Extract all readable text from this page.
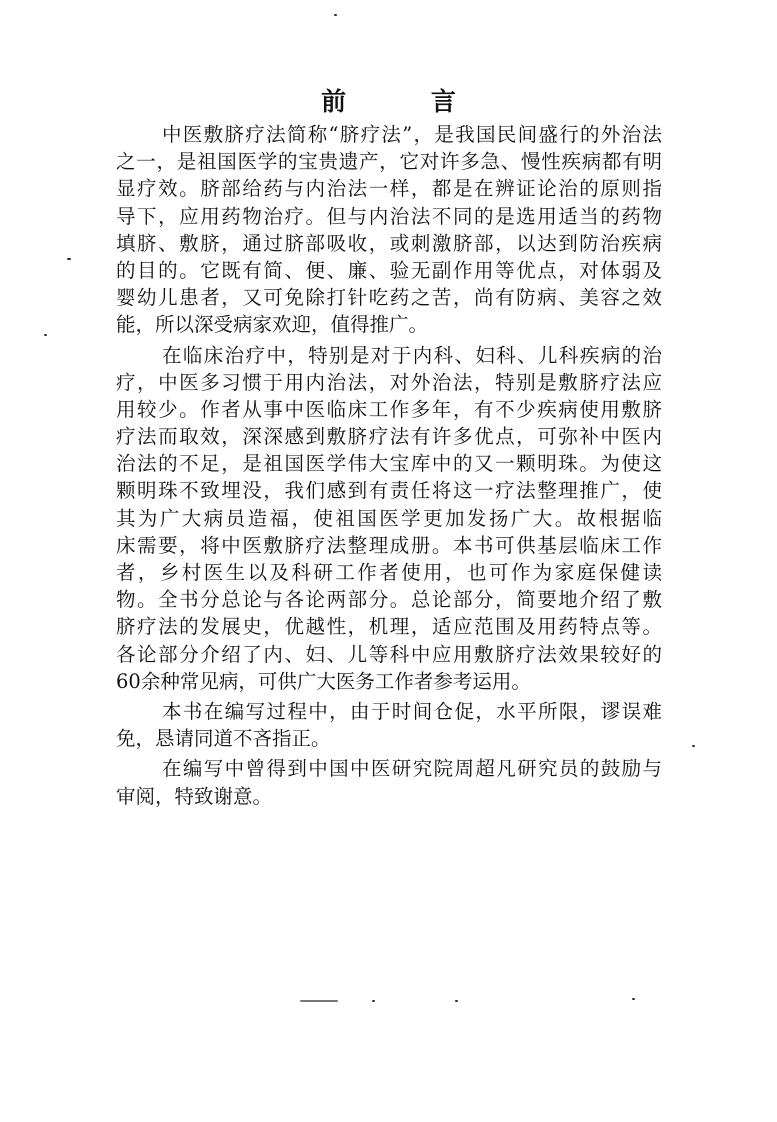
前 言
中医敷脐疗法简称“脐疗法”，是我国民间盛行的外治法
之一，是祖国医学的宝贵遗产，它对许多急、慢性疾病都有明
显疗效。脐部给药与内治法一样，都是在辨证论治的原则指
导下，应用药物治疗。但与内治法不同的是选用适当的药物
填脐、敷脐，通过脐部吸收，或刺激脐部，以达到防治疾病
的目的。它既有简、便、廉、验无副作用等优点，对体弱及
婴幼儿患者，又可免除打针吃药之苦，尚有防病、美容之效
能，所以深受病家欢迎，值得推广。
在临床治疗中，特别是对于内科、妇科、儿科疾病的治
疗，中医多习惯于用内治法，对外治法，特别是敷脐疗法应
用较少。作者从事中医临床工作多年，有不少疾病使用敷脐
疗法而取效，深深感到敷脐疗法有许多优点，可弥补中医内
治法的不足，是祖国医学伟大宝库中的又一颗明珠。为使这
颗明珠不致埋没，我们感到有责任将这一疗法整理推广，使
其为广大病员造福，使祖国医学更加发扬广大。故根据临
床需要，将中医敷脐疗法整理成册。本书可供基层临床工作
者，乡村医生以及科研工作者使用，也可作为家庭保健读
物。全书分总论与各论两部分。总论部分，简要地介绍了敷
脐疗法的发展史，优越性，机理，适应范围及用药特点等。
各论部分介绍了内、妇、儿等科中应用敷脐疗法效果较好的
60余种常见病，可供广大医务工作者参考运用。
本书在编写过程中，由于时间仓促，水平所限，谬误难
免，恳请同道不吝指正。
在编写中曾得到中国中医研究院周超凡研究员的鼓励与
审阅，特致谢意。
